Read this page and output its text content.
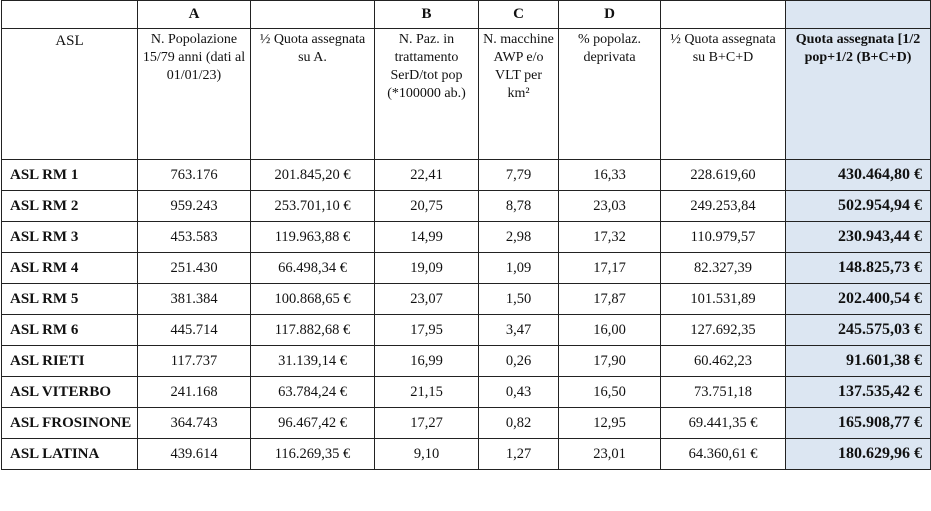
	A		B	C	D		
ASL	N. Popolazione 15/79 anni (dati al 01/01/23)	½ Quota assegnata su A.	N. Paz. in trattamento SerD/tot pop (*100000 ab.)	N. macchine AWP e/o VLT per km²	% popolaz. deprivata	½ Quota assegnata su B+C+D	Quota assegnata [1/2 pop+1/2 (B+C+D)
ASL RM 1	763.176	201.845,20 €	22,41	7,79	16,33	228.619,60	430.464,80 €
ASL RM 2	959.243	253.701,10 €	20,75	8,78	23,03	249.253,84	502.954,94 €
ASL RM 3	453.583	119.963,88 €	14,99	2,98	17,32	110.979,57	230.943,44 €
ASL RM 4	251.430	66.498,34 €	19,09	1,09	17,17	82.327,39	148.825,73 €
ASL RM 5	381.384	100.868,65 €	23,07	1,50	17,87	101.531,89	202.400,54 €
ASL RM 6	445.714	117.882,68 €	17,95	3,47	16,00	127.692,35	245.575,03 €
ASL RIETI	117.737	31.139,14 €	16,99	0,26	17,90	60.462,23	91.601,38 €
ASL VITERBO	241.168	63.784,24 €	21,15	0,43	16,50	73.751,18	137.535,42 €
ASL FROSINONE	364.743	96.467,42 €	17,27	0,82	12,95	69.441,35 €	165.908,77 €
ASL LATINA	439.614	116.269,35 €	9,10	1,27	23,01	64.360,61 €	180.629,96 €
